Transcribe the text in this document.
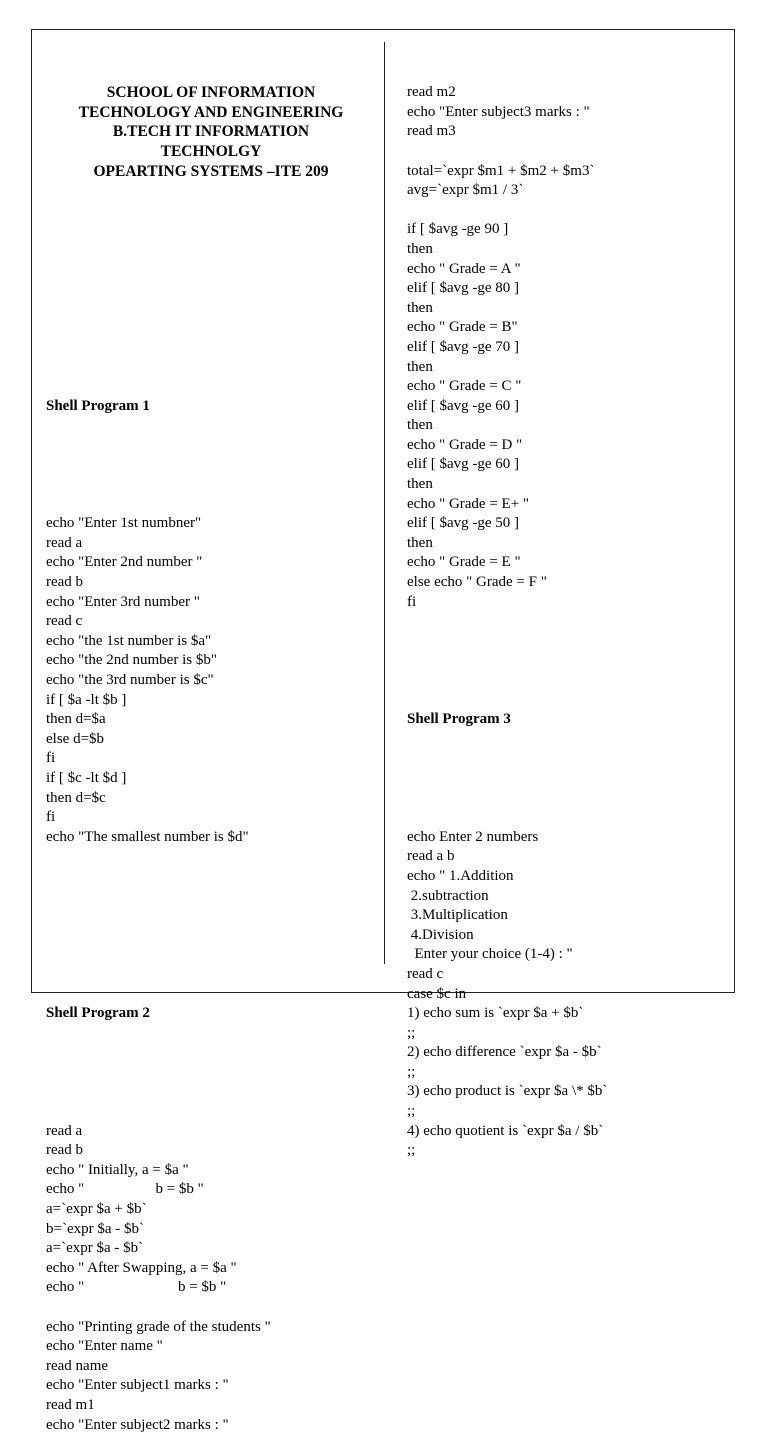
SCHOOL OF INFORMATION
TECHNOLOGY AND ENGINEERING
B.TECH IT INFORMATION
TECHNOLGY
OPEARTING SYSTEMS –ITE 209

Shell Program 1

echo "Enter 1st numbner"
read a
echo "Enter 2nd number "
read b
echo "Enter 3rd number "
read c
echo "the 1st number is $a"
echo "the 2nd number is $b"
echo "the 3rd number is $c"
if [ $a -lt $b ]
then d=$a
else d=$b
fi
if [ $c -lt $d ]
then d=$c
fi
echo "The smallest number is $d"

Shell Program 2

read a
read b
echo " Initially, a = $a "
echo "                   b = $b "
a=`expr $a + $b`
b=`expr $a - $b`
a=`expr $a - $b`
echo " After Swapping, a = $a "
echo "                         b = $b "
echo "Printing grade of the students "
echo "Enter name "
read name
echo "Enter subject1 marks : "
read m1
echo "Enter subject2 marks : "

read m2
echo "Enter subject3 marks : "
read m3
total=`expr $m1 + $m2 + $m3`
avg=`expr $m1 / 3`
if [ $avg -ge 90 ]
then
echo " Grade = A "
elif [ $avg -ge 80 ]
then
echo " Grade = B"
elif [ $avg -ge 70 ]
then
echo " Grade = C "
elif [ $avg -ge 60 ]
then
echo " Grade = D "
elif [ $avg -ge 60 ]
then
echo " Grade = E+ "
elif [ $avg -ge 50 ]
then
echo " Grade = E "
else echo " Grade = F "
fi

Shell Program 3

echo Enter 2 numbers
read a b
echo " 1.Addition
2.subtraction
3.Multiplication
4.Division
Enter your choice (1-4) : "
read c
case $c in
1) echo sum is `expr $a + $b`
;;
2) echo difference `expr $a - $b`
;;
3) echo product is `expr $a \* $b`
;;
4) echo quotient is `expr $a / $b`
;;
